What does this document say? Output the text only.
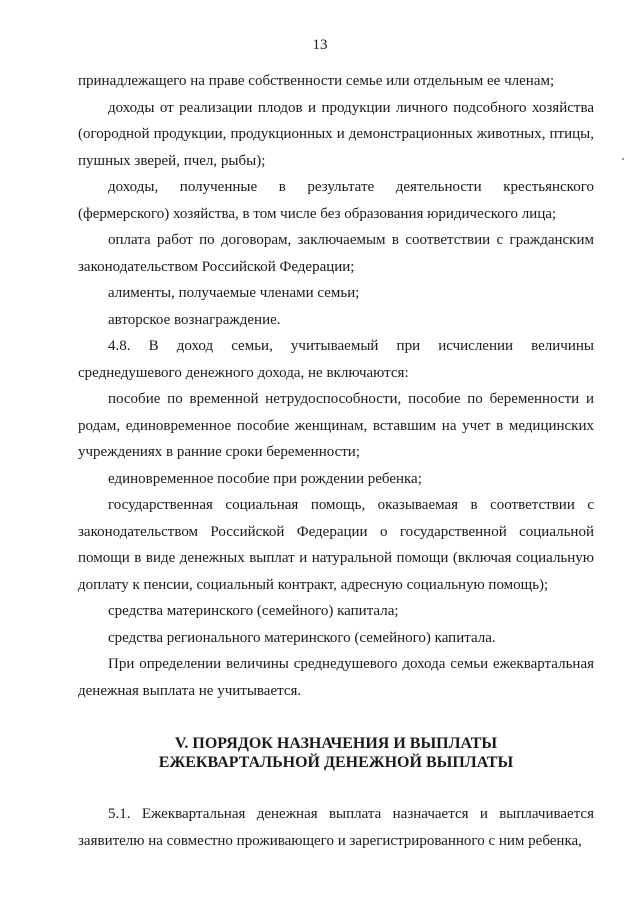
13

принадлежащего на праве собственности семье или отдельным ее членам;

доходы от реализации плодов и продукции личного подсобного хозяйства (огородной продукции, продукционных и демонстрационных животных, птицы, пушных зверей, пчел, рыбы);

доходы, полученные в результате деятельности крестьянского (фермерского) хозяйства, в том числе без образования юридического лица;

оплата работ по договорам, заключаемым в соответствии с гражданским законодательством Российской Федерации;

алименты, получаемые членами семьи;

авторское вознаграждение.

4.8. В доход семьи, учитываемый при исчислении величины среднедушевого денежного дохода, не включаются:

пособие по временной нетрудоспособности, пособие по беременности и родам, единовременное пособие женщинам, вставшим на учет в медицинских учреждениях в ранние сроки беременности;

единовременное пособие при рождении ребенка;

государственная социальная помощь, оказываемая в соответствии с законодательством Российской Федерации о государственной социальной помощи в виде денежных выплат и натуральной помощи (включая социальную доплату к пенсии, социальный контракт, адресную социальную помощь);

средства материнского (семейного) капитала;

средства регионального материнского (семейного) капитала.

При определении величины среднедушевого дохода семьи ежеквартальная денежная выплата не учитывается.

V. ПОРЯДОК НАЗНАЧЕНИЯ И ВЫПЛАТЫ
ЕЖЕКВАРТАЛЬНОЙ ДЕНЕЖНОЙ ВЫПЛАТЫ

5.1. Ежеквартальная денежная выплата назначается и выплачивается заявителю на совместно проживающего и зарегистрированного с ним ребенка,
